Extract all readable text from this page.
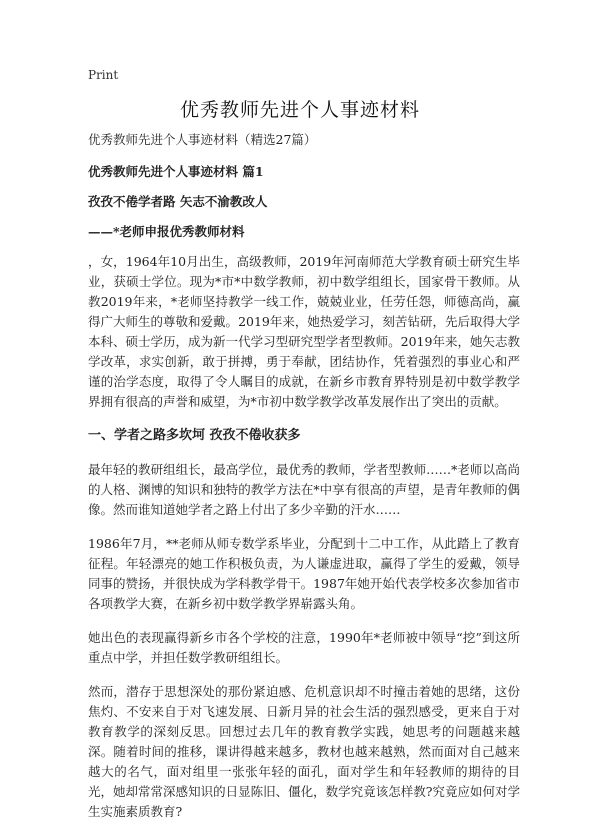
Print
优秀教师先进个人事迹材料

优秀教师先进个人事迹材料（精选27篇）

优秀教师先进个人事迹材料 篇1

孜孜不倦学者路 矢志不渝教改人

——*老师申报优秀教师材料

，女，1964年10月出生，高级教师，2019年河南师范大学教育硕士研究生毕业，获硕士学位。现为*市*中数学教师，初中数学组组长，国家骨干教师。从教2019年来，*老师坚持教学一线工作，兢兢业业，任劳任怨，师德高尚，赢得广大师生的尊敬和爱戴。2019年来，她热爱学习，刻苦钻研，先后取得大学本科、硕士学历，成为新一代学习型研究型学者型教师。2019年来，她矢志教学改革，求实创新，敢于拼搏，勇于奉献，团结协作，凭着强烈的事业心和严谨的治学态度，取得了令人瞩目的成就，在新乡市教育界特别是初中数学教学界拥有很高的声誉和威望，为*市初中数学教学改革发展作出了突出的贡献。

一、学者之路多坎坷 孜孜不倦收获多

最年轻的教研组组长，最高学位，最优秀的教师，学者型教师……*老师以高尚的人格、渊博的知识和独特的教学方法在*中享有很高的声望，是青年教师的偶像。然而谁知道她学者之路上付出了多少辛勤的汗水……

1986年7月，**老师从师专数学系毕业，分配到十二中工作，从此踏上了教育征程。年轻漂亮的她工作积极负责，为人谦虚进取，赢得了学生的爱戴，领导同事的赞扬，并很快成为学科教学骨干。1987年她开始代表学校多次参加省市各项教学大赛，在新乡初中数学教学界崭露头角。

她出色的表现赢得新乡市各个学校的注意，1990年*老师被中领导“挖”到这所重点中学，并担任数学教研组组长。

然而，潜存于思想深处的那份紧迫感、危机意识却不时撞击着她的思绪，这份焦灼、不安来自于对飞速发展、日新月异的社会生活的强烈感受，更来自于对教育教学的深刻反思。回想过去几年的教育教学实践，她思考的问题越来越深。随着时间的推移，课讲得越来越多，教材也越来越熟，然而面对自己越来越大的名气，面对组里一张张年轻的面孔，面对学生和年轻教师的期待的目光，她却常常深感知识的日显陈旧、僵化，数学究竟该怎样教?究竟应如何对学生实施素质教育?
